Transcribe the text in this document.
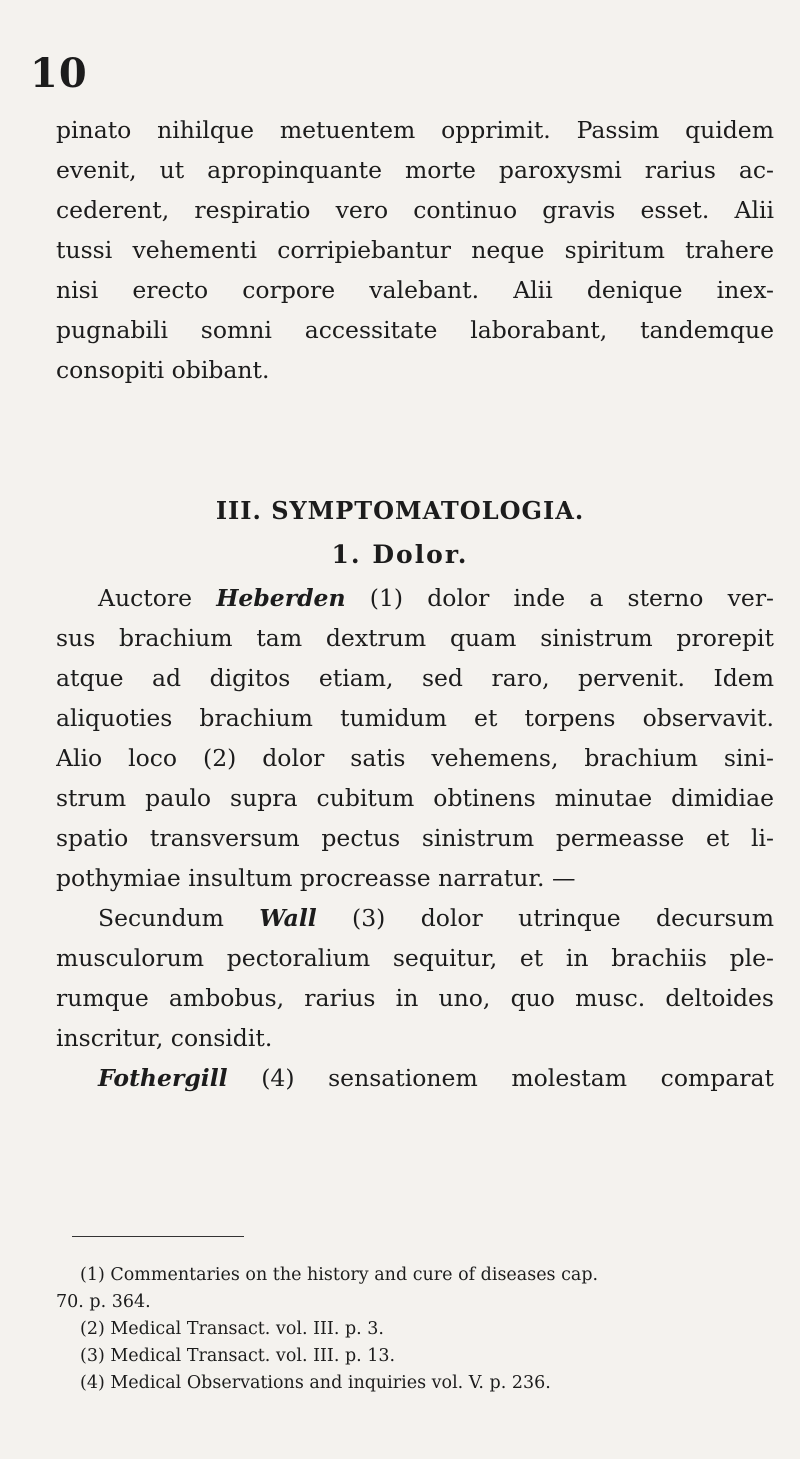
10
pinato nihilque metuentem opprimit. Passim quidem
evenit, ut apropinquante morte paroxysmi rarius ac-
cederent, respiratio vero continuo gravis esset. Alii
tussi vehementi corripiebantur neque spiritum trahere
nisi erecto corpore valebant. Alii denique inex-
pugnabili somni accessitate laborabant, tandemque
consopiti obibant.
III. SYMPTOMATOLOGIA.
1. Dolor.
Auctore Heberden (1) dolor inde a sterno ver-
sus brachium tam dextrum quam sinistrum prorepit
atque ad digitos etiam, sed raro, pervenit. Idem
aliquoties brachium tumidum et torpens observavit.
Alio loco (2) dolor satis vehemens, brachium sini-
strum paulo supra cubitum obtinens minutae dimidiae
spatio transversum pectus sinistrum permeasse et li-
pothymiae insultum procreasse narratur. —
Secundum Wall (3) dolor utrinque decursum
musculorum pectoralium sequitur, et in brachiis ple-
rumque ambobus, rarius in uno, quo musc. deltoides
inscritur, considit.
Fothergill (4) sensationem molestam comparat
(1) Commentaries on the history and cure of diseases cap.
70. p. 364.
(2) Medical Transact. vol. III. p. 3.
(3) Medical Transact. vol. III. p. 13.
(4) Medical Observations and inquiries vol. V. p. 236.
